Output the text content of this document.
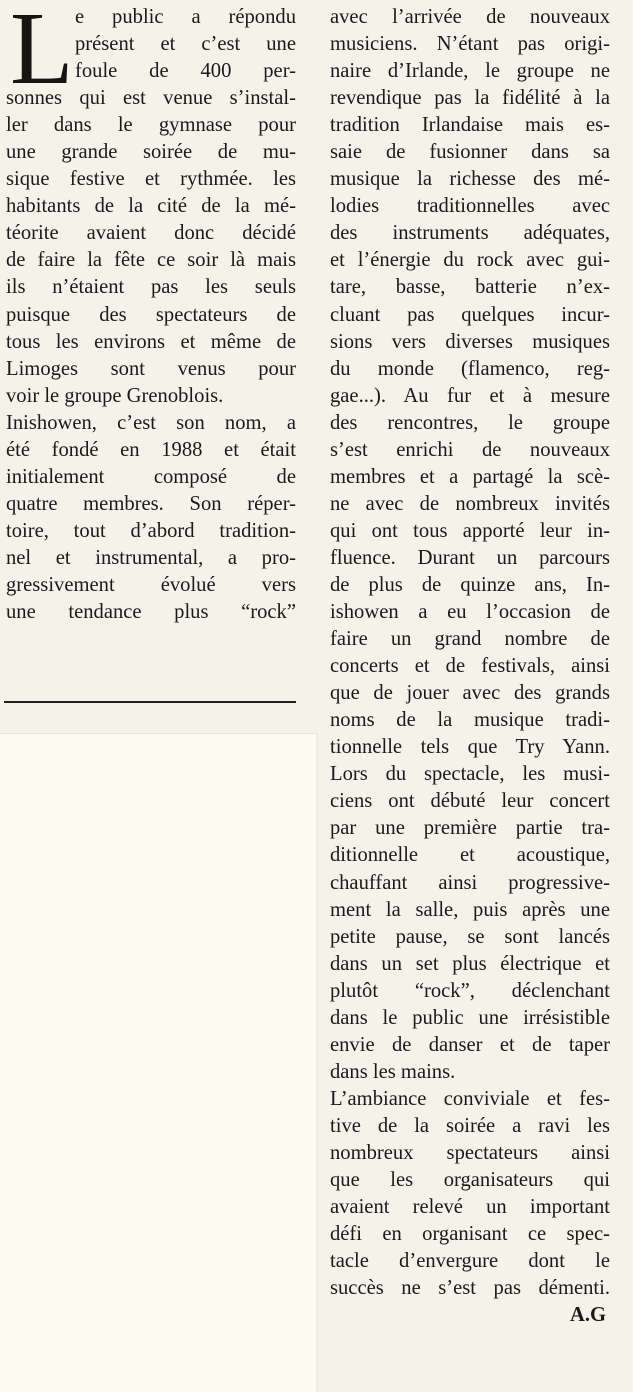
L e public a répondu
présent et c’est une
foule de 400 per-
sonnes qui est venue s’instal-
ler dans le gymnase pour
une grande soirée de mu-
sique festive et rythmée. les
habitants de la cité de la mé-
téorite avaient donc décidé
de faire la fête ce soir là mais
ils n’étaient pas les seuls
puisque des spectateurs de
tous les environs et même de
Limoges sont venus pour
voir le groupe Grenoblois.
Inishowen, c’est son nom, a
été fondé en 1988 et était
initialement composé de
quatre membres. Son réper-
toire, tout d’abord tradition-
nel et instrumental, a pro-
gressivement évolué vers
une tendance plus “rock”
avec l’arrivée de nouveaux
musiciens. N’étant pas origi-
naire d’Irlande, le groupe ne
revendique pas la fidélité à la
tradition Irlandaise mais es-
saie de fusionner dans sa
musique la richesse des mé-
lodies traditionnelles avec
des instruments adéquates,
et l’énergie du rock avec gui-
tare, basse, batterie n’ex-
cluant pas quelques incur-
sions vers diverses musiques
du monde (flamenco, reg-
gae...). Au fur et à mesure
des rencontres, le groupe
s’est enrichi de nouveaux
membres et a partagé la scè-
ne avec de nombreux invités
qui ont tous apporté leur in-
fluence. Durant un parcours
de plus de quinze ans, In-
ishowen a eu l’occasion de
faire un grand nombre de
concerts et de festivals, ainsi
que de jouer avec des grands
noms de la musique tradi-
tionnelle tels que Try Yann.
Lors du spectacle, les musi-
ciens ont débuté leur concert
par une première partie tra-
ditionnelle et acoustique,
chauffant ainsi progressive-
ment la salle, puis après une
petite pause, se sont lancés
dans un set plus électrique et
plutôt “rock”, déclenchant
dans le public une irrésistible
envie de danser et de taper
dans les mains.
L’ambiance conviviale et fes-
tive de la soirée a ravi les
nombreux spectateurs ainsi
que les organisateurs qui
avaient relevé un important
défi en organisant ce spec-
tacle d’envergure dont le
succès ne s’est pas démenti.
A.G
